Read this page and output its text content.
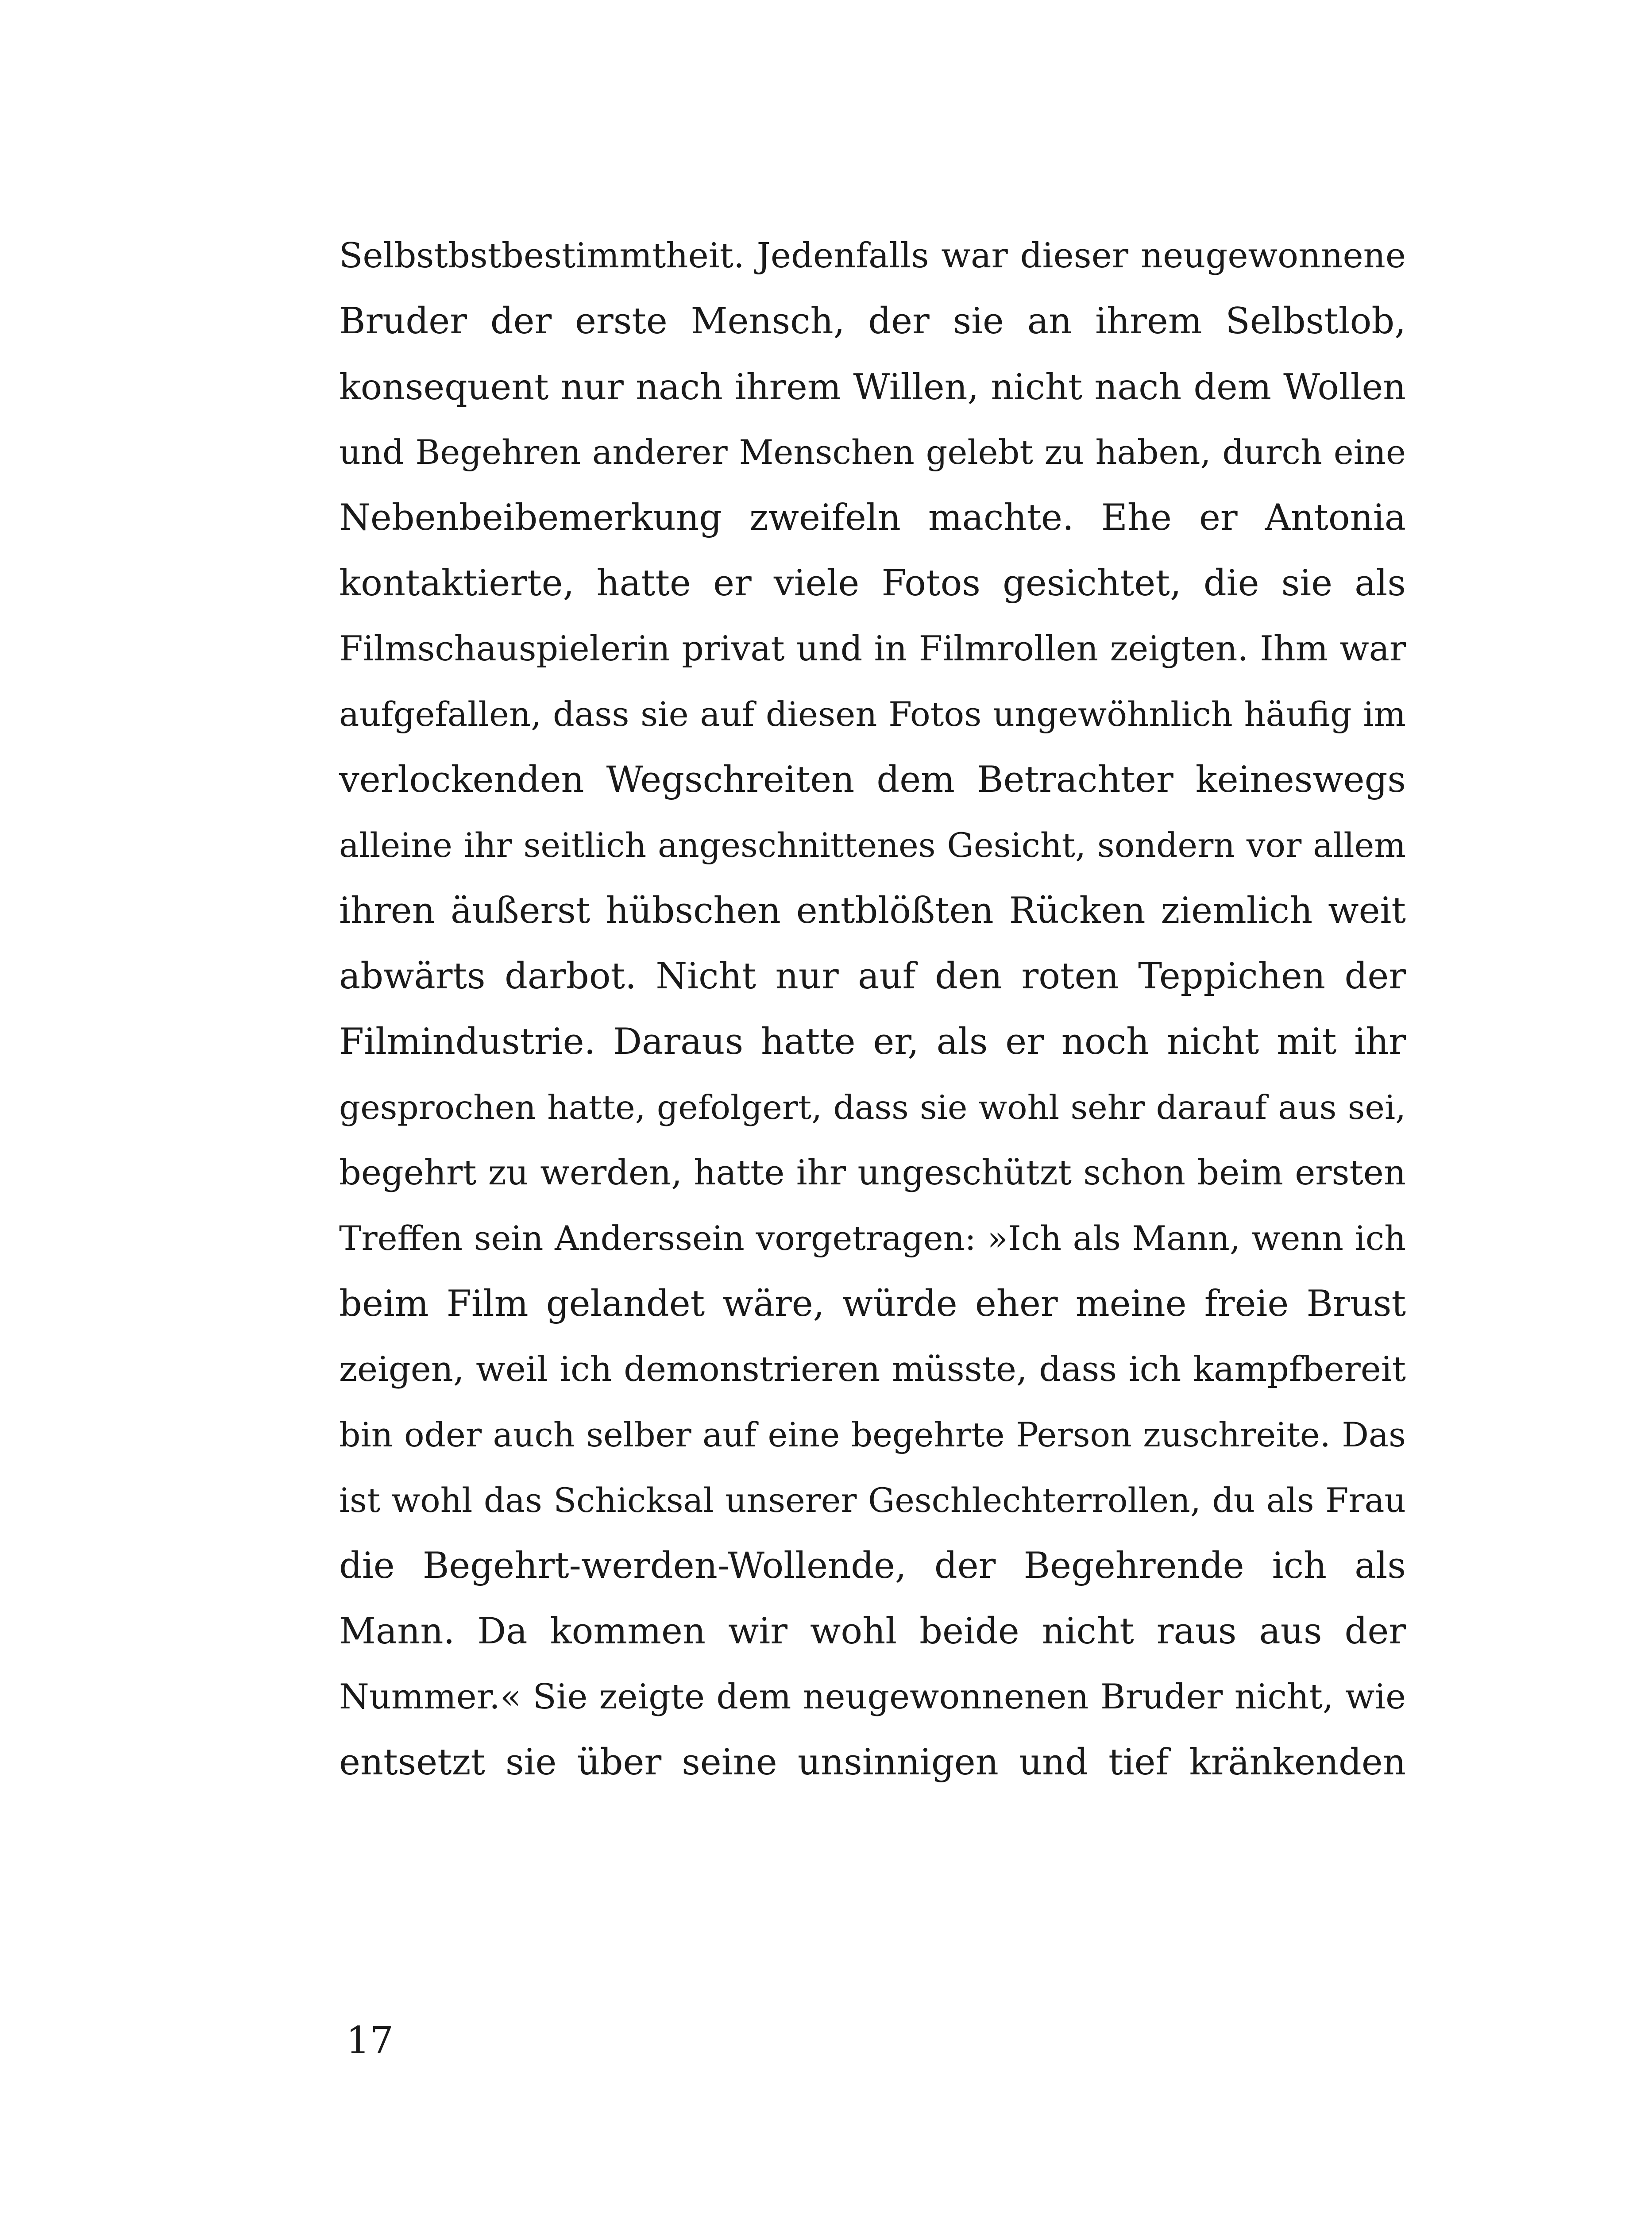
Selbstbstbestimmtheit. Jedenfalls war dieser neugewonnene
Bruder der erste Mensch, der sie an ihrem Selbstlob,
konsequent nur nach ihrem Willen, nicht nach dem Wollen
und Begehren anderer Menschen gelebt zu haben, durch eine
Nebenbeibemerkung zweifeln machte. Ehe er Antonia
kontaktierte, hatte er viele Fotos gesichtet, die sie als
Filmschauspielerin privat und in Filmrollen zeigten. Ihm war
aufgefallen, dass sie auf diesen Fotos ungewöhnlich häufig im
verlockenden Wegschreiten dem Betrachter keineswegs
alleine ihr seitlich angeschnittenes Gesicht, sondern vor allem
ihren äußerst hübschen entblößten Rücken ziemlich weit
abwärts darbot. Nicht nur auf den roten Teppichen der
Filmindustrie. Daraus hatte er, als er noch nicht mit ihr
gesprochen hatte, gefolgert, dass sie wohl sehr darauf aus sei,
begehrt zu werden, hatte ihr ungeschützt schon beim ersten
Treffen sein Anderssein vorgetragen: »Ich als Mann, wenn ich
beim Film gelandet wäre, würde eher meine freie Brust
zeigen, weil ich demonstrieren müsste, dass ich kampfbereit
bin oder auch selber auf eine begehrte Person zuschreite. Das
ist wohl das Schicksal unserer Geschlechterrollen, du als Frau
die Begehrt-werden-Wollende, der Begehrende ich als
Mann. Da kommen wir wohl beide nicht raus aus der
Nummer.« Sie zeigte dem neugewonnenen Bruder nicht, wie
entsetzt sie über seine unsinnigen und tief kränkenden
17
